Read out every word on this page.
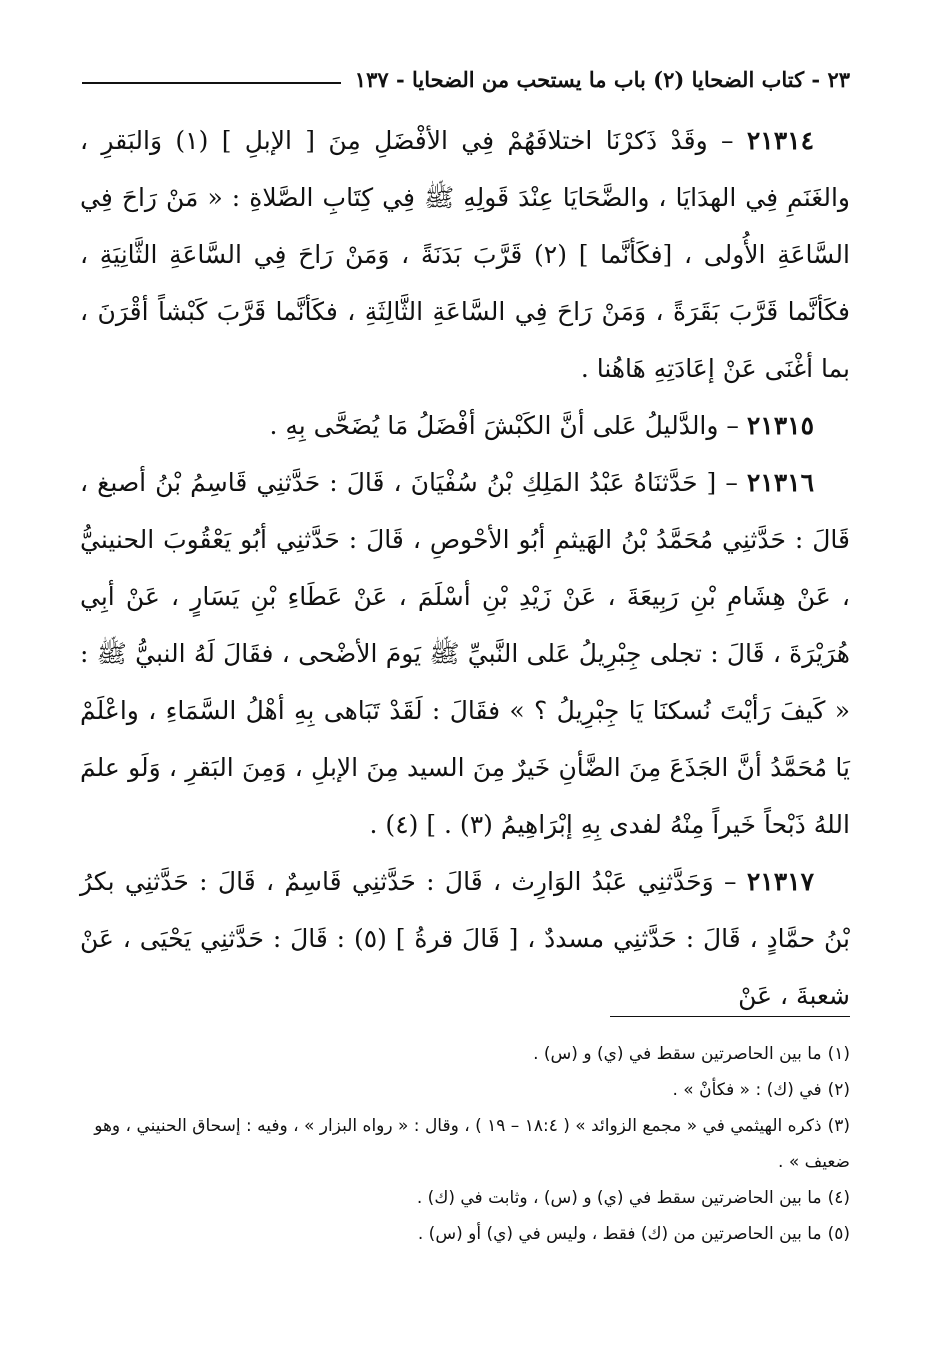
٢٣ - كتاب الضحايا (٢) باب ما يستحب من الضحايا - ١٣٧

٢١٣١٤ – وقَدْ ذَكرْنَا اختلافَهُمْ فِي الأفْضَلِ مِنَ [ الإبلِ ] (١) وَالبَقرِ ، والغَنَمِ فِي الهدَايَا ، والضَّحَايَا عِنْدَ قَولِهِ ﷺ فِي كِتَابِ الصَّلاةِ : « مَنْ رَاحَ فِي السَّاعَةِ الأُولى ، [فكَأنَّما ] (٢) قَرَّبَ بَدَنَةً ، وَمَنْ رَاحَ فِي السَّاعَةِ الثَّانِيَةِ ، فكَأنَّما قَرَّبَ بَقَرَةً ، وَمَنْ رَاحَ فِي السَّاعَةِ الثَّالِثَةِ ، فكَأنَّما قَرَّبَ كَبْشاً أقْرَنَ ، بما أغْنَى عَنْ إعَادَتِهِ هَاهُنا .

٢١٣١٥ – والدَّليلُ عَلى أنَّ الكَبْشَ أفْضَلُ مَا يُضَحَّى بِهِ .

٢١٣١٦ – [ حَدَّثنَاهُ عَبْدُ المَلِكِ بْنُ سُفْيَانَ ، قَالَ : حَدَّثنِي قَاسِمُ بْنُ أصبغ ، قَالَ : حَدَّثنِي مُحَمَّدُ بْنُ الهَيثمِ أبُو الأحْوصِ ، قَالَ : حَدَّثنِي أبُو يَعْقُوبَ الحنينيُّ ، عَنْ هِشَامِ بْنِ رَبِيعَةَ ، عَنْ زَيْدِ بْنِ أسْلَمَ ، عَنْ عَطَاءِ بْنِ يَسَارٍ ، عَنْ أبِي هُرَيْرَةَ ، قَالَ : تجلى جِبْرِيلُ عَلى النَّبيِّ ﷺ يَومَ الأضْحى ، فقَالَ لَهُ النبيُّ ﷺ : « كَيفَ رَأيْتَ نُسكنَا يَا جِبْرِيلُ ؟ » فقَالَ : لَقَدْ تَبَاهى بِهِ أهْلُ السَّمَاءِ ، واعْلَمْ يَا مُحَمَّدُ أنَّ الجَذَعَ مِنَ الضَّأنِ خَيرٌ مِنَ السيد مِنَ الإبلِ ، وَمِنَ البَقرِ ، وَلَو علمَ اللهُ ذَبْحاً خَيراً مِنْهُ لفدى بِهِ إبْرَاهِيمُ (٣) . ] (٤) .

٢١٣١٧ – وَحَدَّثنِي عَبْدُ الوَارِث ، قَالَ : حَدَّثنِي قَاسِمٌ ، قَالَ : حَدَّثنِي بكرُ بْنُ حمَّادٍ ، قَالَ : حَدَّثنِي مسددٌ ، [ قَالَ قرةُ ] (٥) : قَالَ : حَدَّثنِي يَحْيَى ، عَنْ شعبةَ ، عَنْ

(١)ما بين الحاصرتين سقط في (ي) و (س) .

(٢)في (ك) : « فكأنْ » .

(٣)ذكره الهيثمي في « مجمع الزوائد » ( ١٨:٤ – ١٩ ) ، وقال : « رواه البزار » ، وفيه : إسحاق الحنيني ، وهو ضعيف » .

(٤)ما بين الحاضرتين سقط في (ي) و (س) ، وثابت في (ك) .

(٥)ما بين الحاصرتين من (ك) فقط ، وليس في (ي) أو (س) .
